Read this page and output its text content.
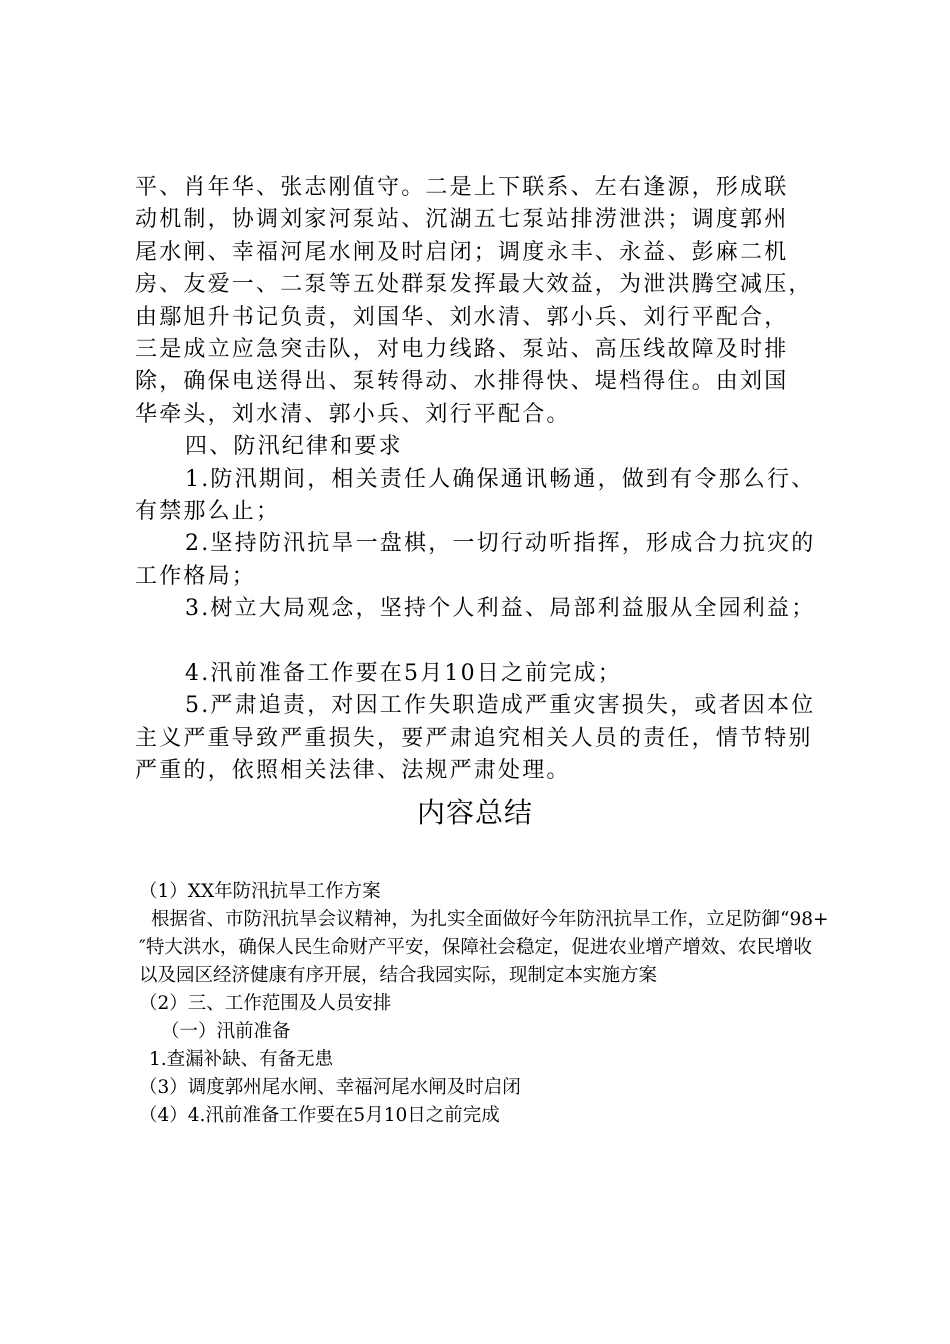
平、肖年华、张志刚值守。二是上下联系、左右逢源，形成联

动机制，协调刘家河泵站、沉湖五七泵站排涝泄洪；调度郭州

尾水闸、幸福河尾水闸及时启闭；调度永丰、永益、彭麻二机

房、友爱一、二泵等五处群泵发挥最大效益，为泄洪腾空减压，

由鄢旭升书记负责，刘国华、刘水清、郭小兵、刘行平配合，

三是成立应急突击队，对电力线路、泵站、高压线故障及时排

除，确保电送得出、泵转得动、水排得快、堤档得住。由刘国

华牵头，刘水清、郭小兵、刘行平配合。

四、防汛纪律和要求

1.防汛期间，相关责任人确保通讯畅通，做到有令那么行、有禁那么止；

2.坚持防汛抗旱一盘棋，一切行动听指挥，形成合力抗灾的工作格局；

3.树立大局观念，坚持个人利益、局部利益服从全园利益；

4.汛前准备工作要在5月10日之前完成；

5.严肃追责，对因工作失职造成严重灾害损失，或者因本位主义严重导致严重损失，要严肃追究相关人员的责任，情节特别严重的，依照相关法律、法规严肃处理。

内容总结

（1）XX年防汛抗旱工作方案

根据省、市防汛抗旱会议精神，为扎实全面做好今年防汛抗旱工作，立足防御“98+″特大洪水，确保人民生命财产平安，保障社会稳定，促进农业增产增效、农民增收以及园区经济健康有序开展，结合我园实际，现制定本实施方案

（2）三、工作范围及人员安排

（一）汛前准备

1.查漏补缺、有备无患

（3）调度郭州尾水闸、幸福河尾水闸及时启闭

（4）4.汛前准备工作要在5月10日之前完成
